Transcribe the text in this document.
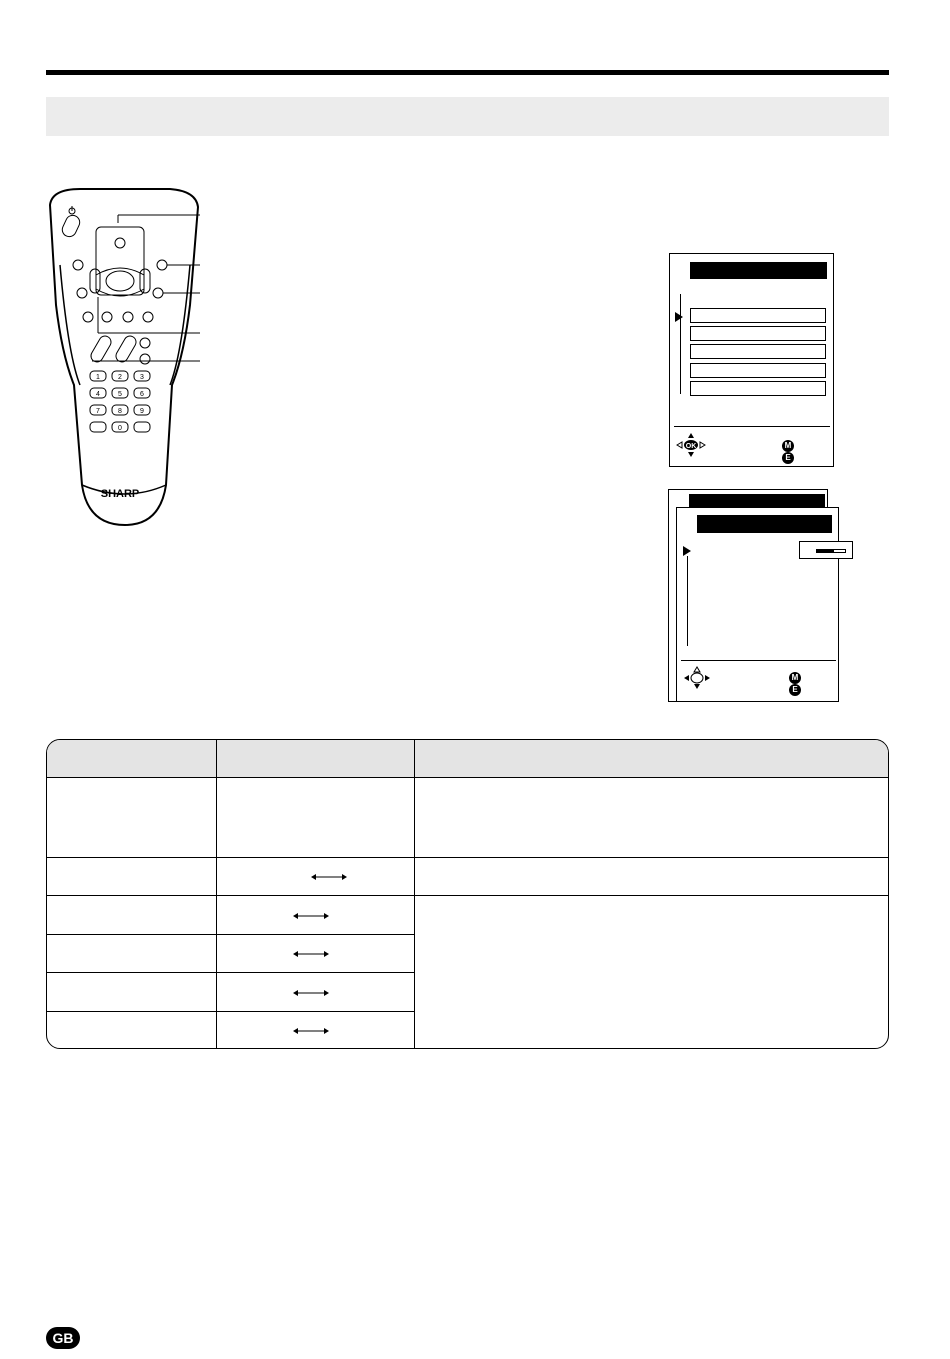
1	2	3
4	5	6
7	8	9
0
SHARP
OK	M
E
M
E
GB
